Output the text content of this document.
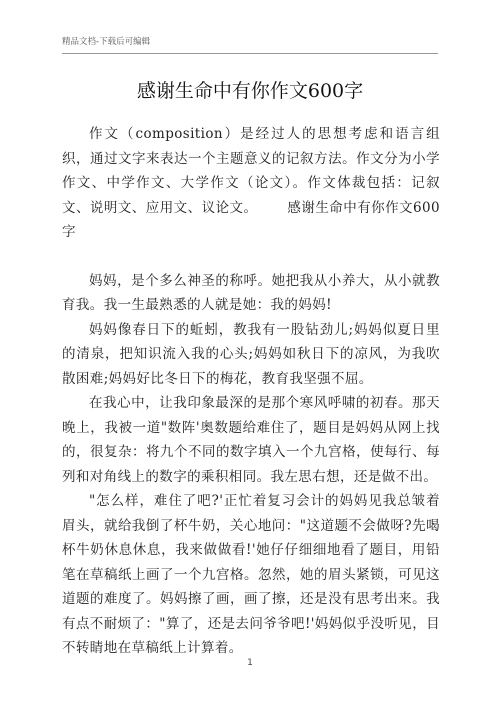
精品文档-下载后可编辑
感谢生命中有你作文600字

作文（composition）是经过人的思想考虑和语言组织，通过文字来表达一个主题意义的记叙方法。作文分为小学作文、中学作文、大学作文（论文）。作文体裁包括：记叙文、说明文、应用文、议论文。 感谢生命中有你作文600字

妈妈，是个多么神圣的称呼。她把我从小养大，从小就教育我。我一生最熟悉的人就是她：我的妈妈!

妈妈像春日下的蚯蚓，教我有一股钻劲儿;妈妈似夏日里的清泉，把知识流入我的心头;妈妈如秋日下的凉风，为我吹散困难;妈妈好比冬日下的梅花，教育我坚强不屈。

在我心中，让我印象最深的是那个寒风呼啸的初春。那天晚上，我被一道"数阵'奥数题给难住了，题目是妈妈从网上找的，很复杂：将九个不同的数字填入一个九宫格，使每行、每列和对角线上的数字的乘积相同。我左思右想，还是做不出。

"怎么样，难住了吧?'正忙着复习会计的妈妈见我总皱着眉头，就给我倒了杯牛奶，关心地问："这道题不会做呀?先喝杯牛奶休息休息，我来做做看!'她仔仔细细地看了题目，用铅笔在草稿纸上画了一个九宫格。忽然，她的眉头紧锁，可见这道题的难度了。妈妈擦了画，画了擦，还是没有思考出来。我有点不耐烦了："算了，还是去问爷爷吧!'妈妈似乎没听见，目不转睛地在草稿纸上计算着。

1
